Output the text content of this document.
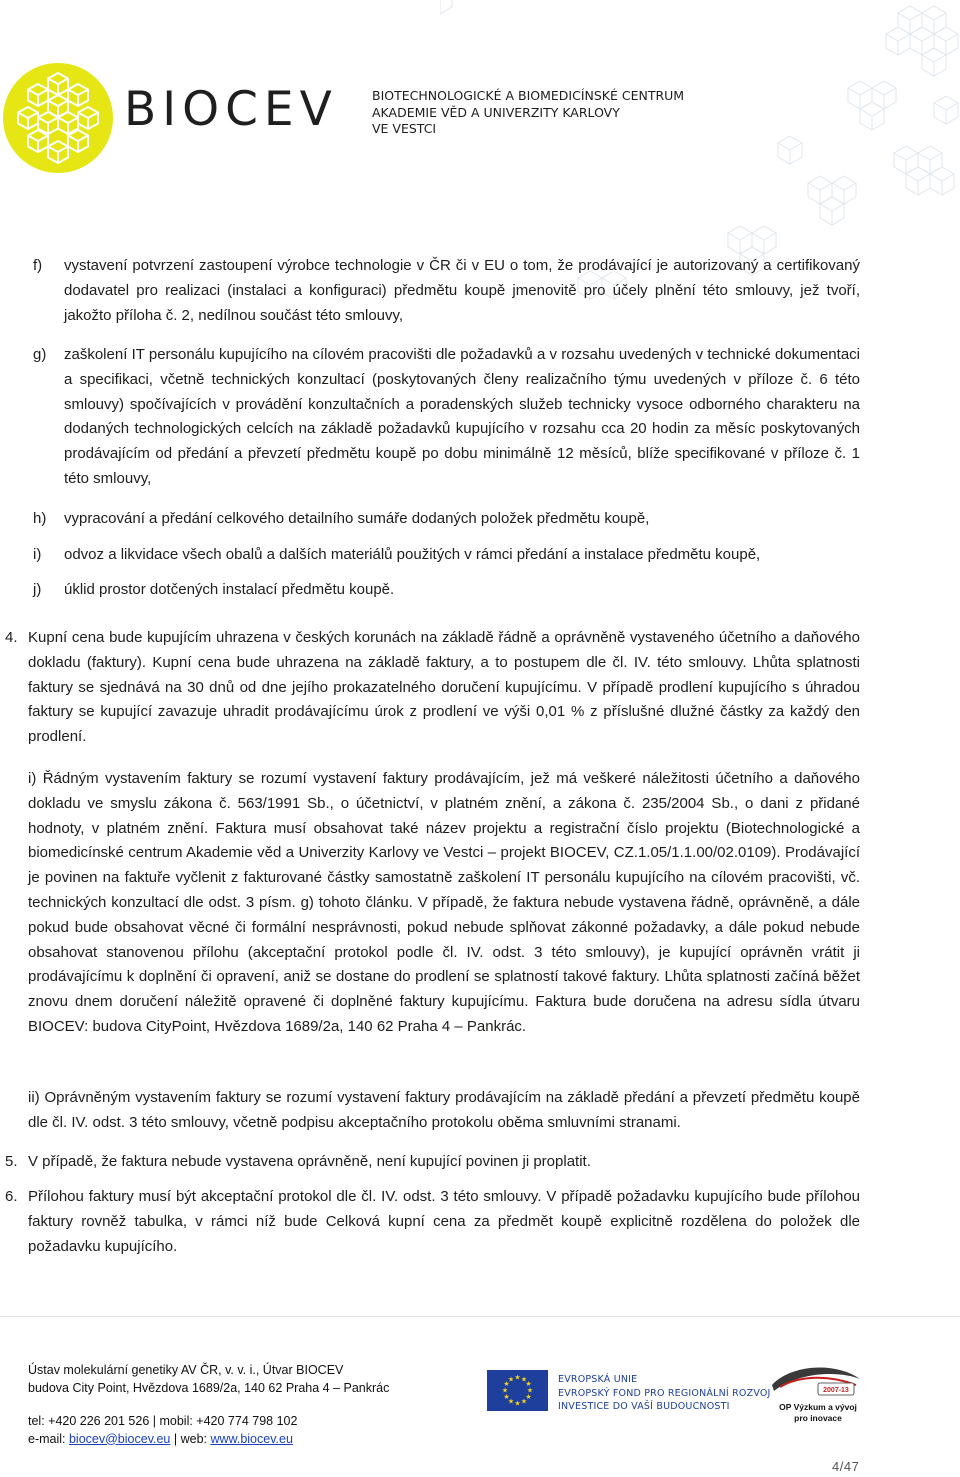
BIOCEV	BIOTECHNOLOGICKÉ A BIOMEDICÍNSKÉ CENTRUM
AKADEMIE VĚD A UNIVERZITY KARLOVY
VE VESTCI
f) vystavení potvrzení zastoupení výrobce technologie v ČR či v EU o tom, že prodávající je autorizovaný a certifikovaný dodavatel pro realizaci (instalaci a konfiguraci) předmětu koupě jmenovitě pro účely plnění této smlouvy, jež tvoří, jakožto příloha č. 2, nedílnou součást této smlouvy,
g) zaškolení IT personálu kupujícího na cílovém pracovišti dle požadavků a v rozsahu uvedených v technické dokumentaci a specifikaci, včetně technických konzultací (poskytovaných členy realizačního týmu uvedených v příloze č. 6 této smlouvy) spočívajících v provádění konzultačních a poradenských služeb technicky vysoce odborného charakteru na dodaných technologických celcích na základě požadavků kupujícího v rozsahu cca 20 hodin za měsíc poskytovaných prodávajícím od předání a převzetí předmětu koupě po dobu minimálně 12 měsíců, blíže specifikované v příloze č. 1 této smlouvy,
h) vypracování a předání celkového detailního sumáře dodaných položek předmětu koupě,
i) odvoz a likvidace všech obalů a dalších materiálů použitých v rámci předání a instalace předmětu koupě,
j) úklid prostor dotčených instalací předmětu koupě.
4. Kupní cena bude kupujícím uhrazena v českých korunách na základě řádně a oprávněně vystaveného účetního a daňového dokladu (faktury). Kupní cena bude uhrazena na základě faktury, a to postupem dle čl. IV. této smlouvy. Lhůta splatnosti faktury se sjednává na 30 dnů od dne jejího prokazatelného doručení kupujícímu. V případě prodlení kupujícího s úhradou faktury se kupující zavazuje uhradit prodávajícímu úrok z prodlení ve výši 0,01 % z příslušné dlužné částky za každý den prodlení.
i) Řádným vystavením faktury se rozumí vystavení faktury prodávajícím, jež má veškeré náležitosti účetního a daňového dokladu ve smyslu zákona č. 563/1991 Sb., o účetnictví, v platném znění, a zákona č. 235/2004 Sb., o dani z přidané hodnoty, v platném znění. Faktura musí obsahovat také název projektu a registrační číslo projektu (Biotechnologické a biomedicínské centrum Akademie věd a Univerzity Karlovy ve Vestci – projekt BIOCEV, CZ.1.05/1.1.00/02.0109). Prodávající je povinen na faktuře vyčlenit z fakturované částky samostatně zaškolení IT personálu kupujícího na cílovém pracovišti, vč. technických konzultací dle odst. 3 písm. g) tohoto článku. V případě, že faktura nebude vystavena řádně, oprávněně, a dále pokud bude obsahovat věcné či formální nesprávnosti, pokud nebude splňovat zákonné požadavky, a dále pokud nebude obsahovat stanovenou přílohu (akceptační protokol podle čl. IV. odst. 3 této smlouvy), je kupující oprávněn vrátit ji prodávajícímu k doplnění či opravení, aniž se dostane do prodlení se splatností takové faktury. Lhůta splatnosti začíná běžet znovu dnem doručení náležitě opravené či doplněné faktury kupujícímu. Faktura bude doručena na adresu sídla útvaru BIOCEV: budova CityPoint, Hvězdova 1689/2a, 140 62 Praha 4 – Pankrác.
ii) Oprávněným vystavením faktury se rozumí vystavení faktury prodávajícím na základě předání a převzetí předmětu koupě dle čl. IV. odst. 3 této smlouvy, včetně podpisu akceptačního protokolu oběma smluvními stranami.
5. V případě, že faktura nebude vystavena oprávněně, není kupující povinen ji proplatit.
6. Přílohou faktury musí být akceptační protokol dle čl. IV. odst. 3 této smlouvy. V případě požadavku kupujícího bude přílohou faktury rovněž tabulka, v rámci níž bude Celková kupní cena za předmět koupě explicitně rozdělena do položek dle požadavku kupujícího.
Ústav molekulární genetiky AV ČR, v. v. i., Útvar BIOCEV
budova City Point, Hvězdova 1689/2a, 140 62 Praha 4 – Pankrác
tel: +420 226 201 526 | mobil: +420 774 798 102
e-mail: biocev@biocev.eu | web: www.biocev.eu
★ ★
★
★
★
★
★
★
★
★
★
★	EVROPSKÁ UNIE
EVROPSKÝ FOND PRO REGIONÁLNÍ ROZVOJ
INVESTICE DO VAŠÍ BUDOUCNOSTI
2007-13
OP Výzkum a vývoj
pro inovace
4/47
